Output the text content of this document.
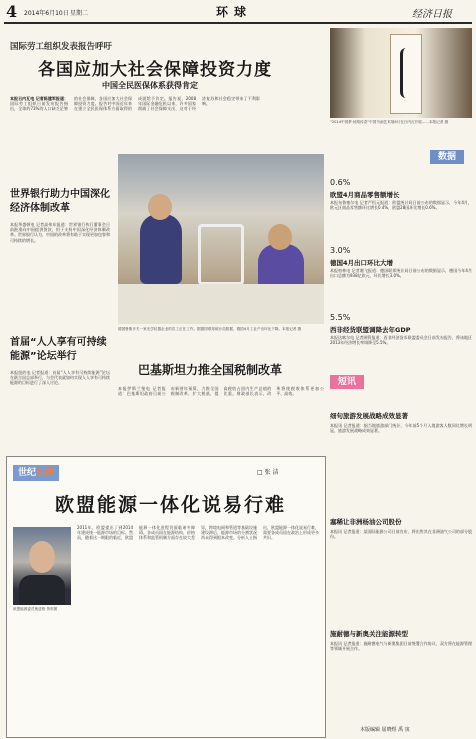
4 2014年6月10日 星期二	环球	经济日报
国际劳工组织发表报告呼吁
各国应加大社会保障投资力度
中国全民医保体系获得肯定
本报日内瓦电 记者陈建军报道：国际劳工组织日前发布报告指出，全球约73%的人口缺乏足够的社会保障，各国应加大社会保障投资力度。报告对中国近年来在建立全民医保体系方面取得的成就给予肯定。报告说，2008年国际金融危机以来，许多国家削减了社会保障支出，这对于经济复苏和社会稳定带来了不利影响。
“2014中国梦·丝路传奇”中国书画艺术展6月在日内瓦开展……本报记者 摄
数据
0.6%
欧盟4月商品零售额增长
本报布鲁塞尔电 记者严恒元报道：欧盟统计局日前公布的数据显示，今年4月，欧元区商品零售额环比增长0.4%，欧盟28国环比增长0.6%。
3.0%
德国4月出口环比大增
本报柏林电 记者谢飞报道：德国联邦统计局日前公布的数据显示，德国今年4月出口总额为938亿欧元，环比增长3.0%。
5.5%
西非经货联盟调降去年GDP
本报达喀尔电 记者顾钒报道：西非经济货币联盟委员会日前发布报告，将该地区2013年经济增长率调降至5.5%。
短讯
细句旅游发展战略成效显著
本报讯 记者报道：据当地旅游部门统计，今年前5个月入境游客人数同比增长明显，旅游发展战略成效显著。
塞稀让非洲杨油公司股份
本报讯 记者报道：某国际能源公司日前宣布，将出售其在非洲油气公司的部分股份。
施耐德与新奥关注能源转型
本报讯 记者报道：施耐德电气与新奥集团日前签署合作协议，双方将在能源管理等领域开展合作。
世界银行助力中国深化经济体制改革
本报华盛顿电 记者高伟东报道：世界银行执行董事会日前批准向中国提供贷款，用于支持中国深化经济体制改革。世界银行认为，中国的改革将有助于实现更加包容和可持续的增长。
首届“人人享有可持续能源”论坛举行
本报纽约电 记者报道：首届“人人享有可持续能源”论坛在联合国总部举行，与会代表就如何实现人人享有可持续能源的目标进行了深入讨论。
德国鲁斯多夫一家光学仪器企业的员工正在工作。据德国联邦统计局数据，德国4月工业产出环比下降。本报记者 摄
巴基斯坦力推全国税制改革
本报伊斯兰堡电 记者报道：巴基斯坦政府日前公布新财年预算，力推全国税制改革，扩大税基，提高税收占国内生产总值的比重。财政部长表示，改革将使税收体系更加公平、高效。
世纪述评	□ 张 洁
欧盟能源一体化说易行难
欧盟能源委员奥廷格 资料图
2011年，欧盟提出了到2014年建成统一能源市场的目标。然而，随着这一期限的临近，欧盟能源一体化进程仍面临诸多障碍。各成员国在能源结构、价格体系和监管机制方面存在较大差异，跨境电网和管道等基础设施建设滞后，能源市场的分割状况尚未得到根本改变。分析人士指出，欧盟能源一体化说易行难，需要各成员国在政治上形成更多共识。
本版编辑 屈晓煜 禹 寅
